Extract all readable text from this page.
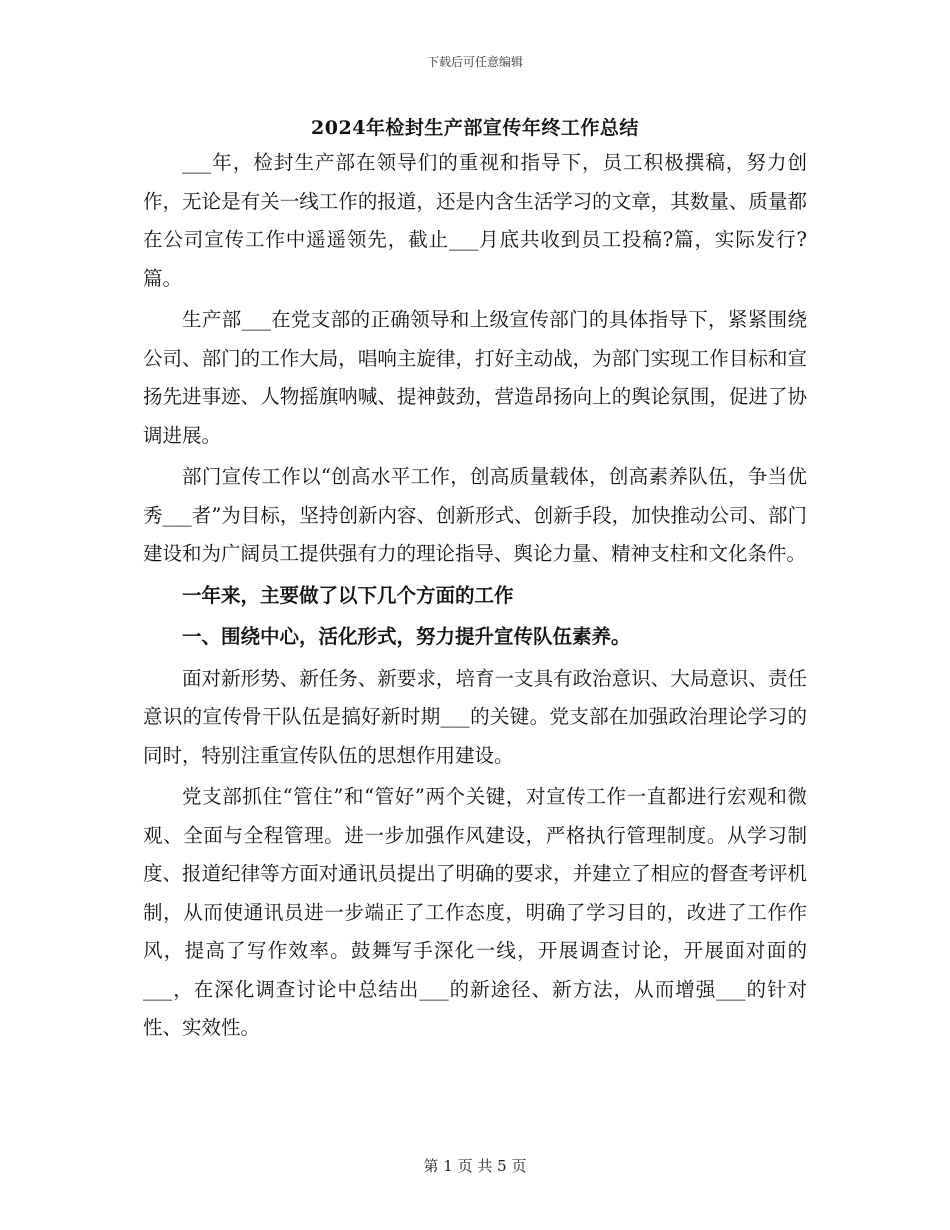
下载后可任意编辑
2024年检封生产部宣传年终工作总结

___年，检封生产部在领导们的重视和指导下，员工积极撰稿，努力创作，无论是有关一线工作的报道，还是内含生活学习的文章，其数量、质量都在公司宣传工作中遥遥领先，截止___月底共收到员工投稿?篇，实际发行?篇。

生产部___在党支部的正确领导和上级宣传部门的具体指导下，紧紧围绕公司、部门的工作大局，唱响主旋律，打好主动战，为部门实现工作目标和宣扬先进事迹、人物摇旗呐喊、提神鼓劲，营造昂扬向上的舆论氛围，促进了协调进展。

部门宣传工作以“创高水平工作，创高质量载体，创高素养队伍，争当优秀___者”为目标，坚持创新内容、创新形式、创新手段，加快推动公司、部门建设和为广阔员工提供强有力的理论指导、舆论力量、精神支柱和文化条件。

一年来，主要做了以下几个方面的工作

一、围绕中心，活化形式，努力提升宣传队伍素养。

面对新形势、新任务、新要求，培育一支具有政治意识、大局意识、责任意识的宣传骨干队伍是搞好新时期___的关键。党支部在加强政治理论学习的同时，特别注重宣传队伍的思想作用建设。

党支部抓住“管住”和“管好”两个关键，对宣传工作一直都进行宏观和微观、全面与全程管理。进一步加强作风建设，严格执行管理制度。从学习制度、报道纪律等方面对通讯员提出了明确的要求，并建立了相应的督查考评机制，从而使通讯员进一步端正了工作态度，明确了学习目的，改进了工作作风，提高了写作效率。鼓舞写手深化一线，开展调查讨论，开展面对面的___，在深化调查讨论中总结出___的新途径、新方法，从而增强___的针对性、实效性。

第 1 页 共 5 页
